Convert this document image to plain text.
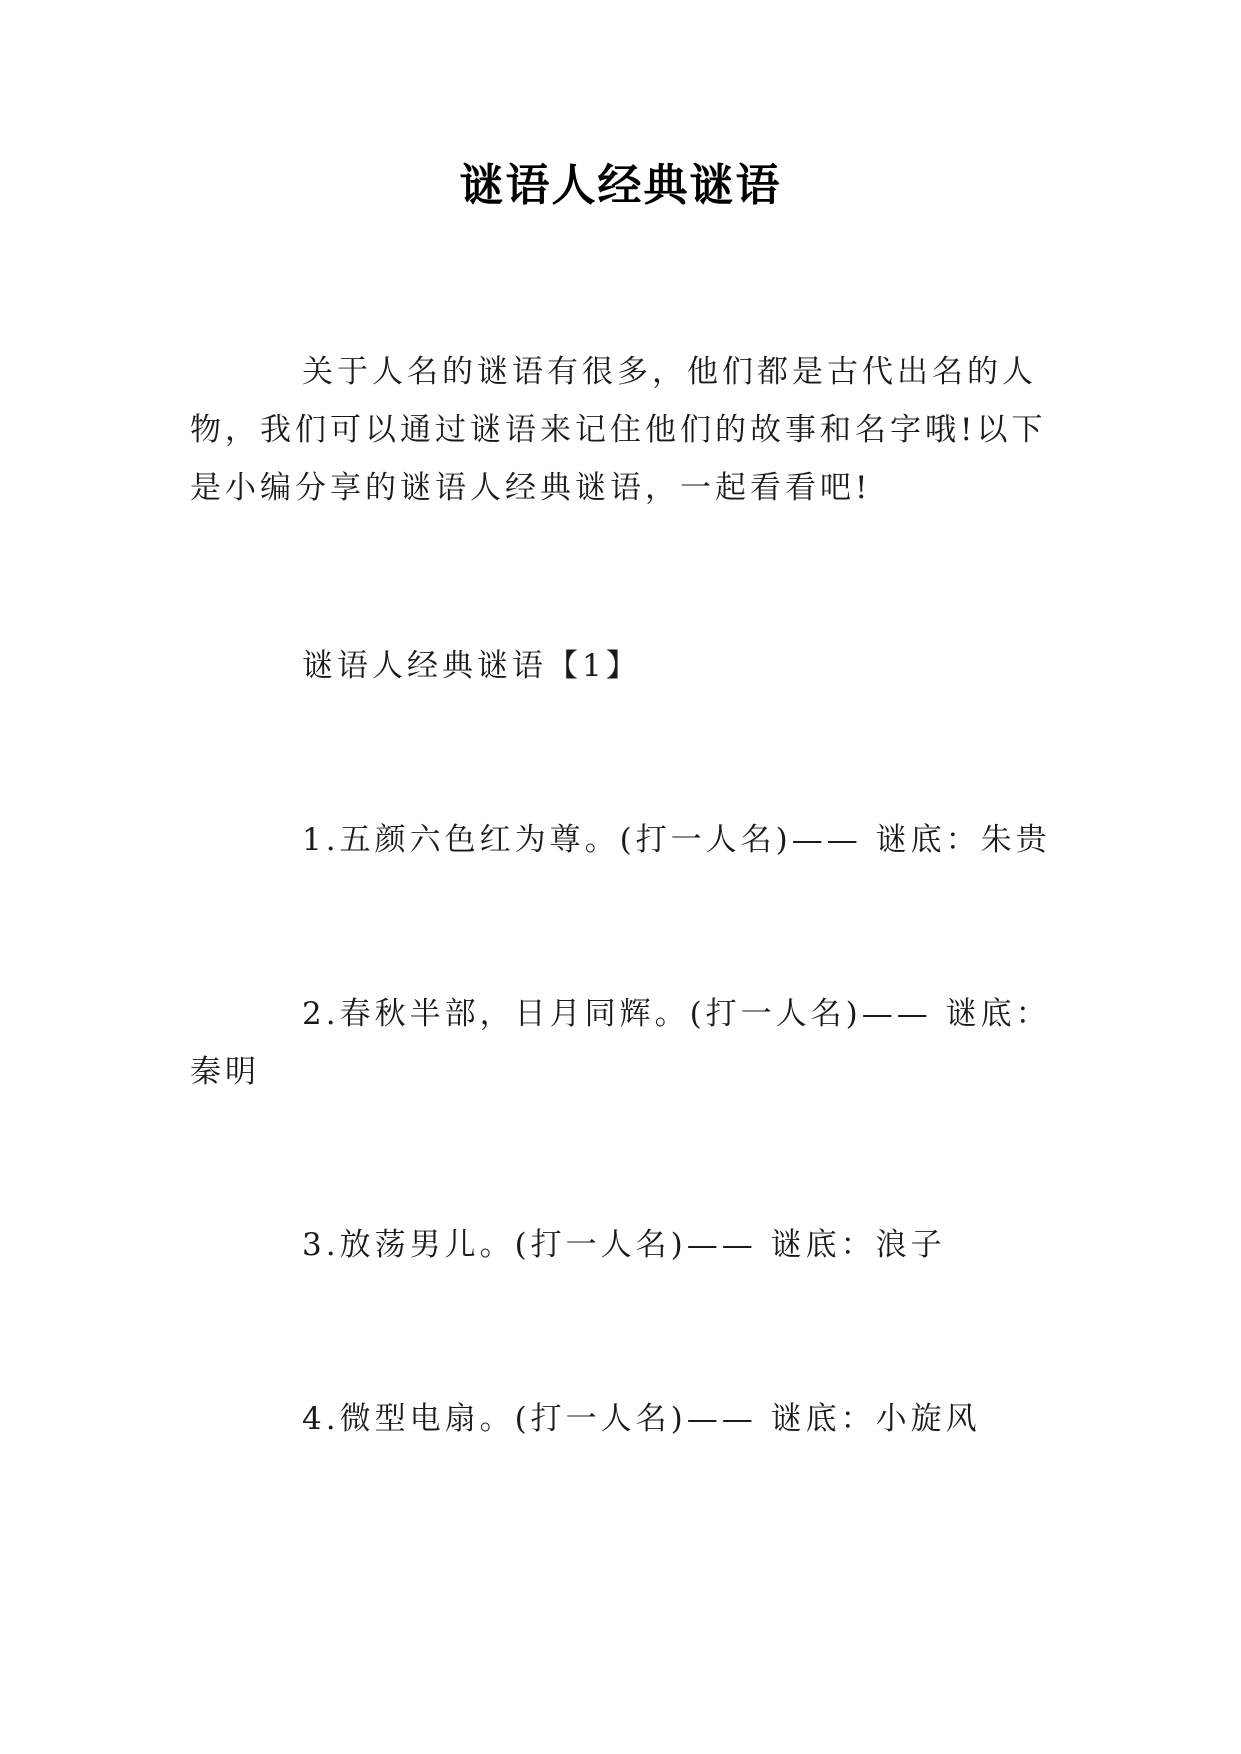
谜语人经典谜语

关于人名的谜语有很多，他们都是古代出名的人物，我们可以通过谜语来记住他们的故事和名字哦!以下是小编分享的谜语人经典谜语，一起看看吧!

谜语人经典谜语【1】

1.五颜六色红为尊。(打一人名)—— 谜底：朱贵

2.春秋半部，日月同辉。(打一人名)—— 谜底：秦明

3.放荡男儿。(打一人名)—— 谜底：浪子

4.微型电扇。(打一人名)—— 谜底：小旋风
